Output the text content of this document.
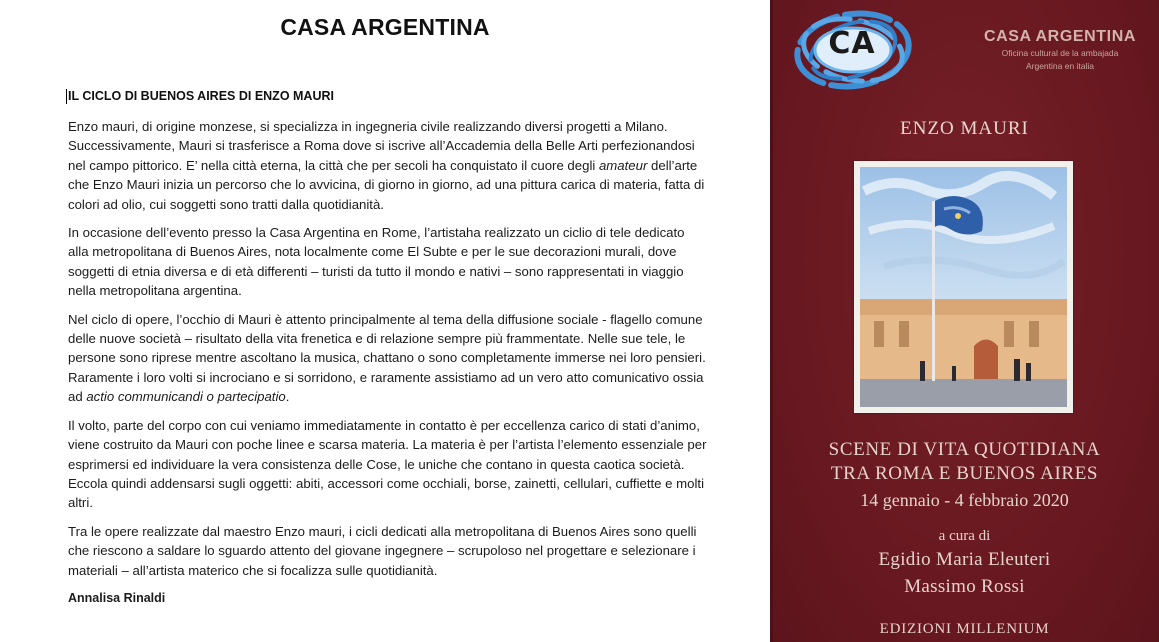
CASA ARGENTINA
IL CICLO DI BUENOS AIRES DI ENZO MAURI

Enzo mauri, di origine monzese, si specializza in ingegneria civile realizzando diversi progetti a Milano. Successivamente, Mauri si trasferisce a Roma dove si iscrive all’Accademia della Belle Arti perfezionandosi nel campo pittorico. E’ nella città eterna, la città che per secoli ha conquistato il cuore degli amateur dell’arte che Enzo Mauri inizia un percorso che lo avvicina, di giorno in giorno, ad una pittura carica di materia, fatta di colori ad olio, cui soggetti sono tratti dalla quotidianità.

In occasione dell’evento presso la Casa Argentina en Rome, l’artistaha realizzato un ciclio di tele dedicato alla metropolitana di Buenos Aires, nota localmente come El Subte e per le sue decorazioni murali, dove soggetti di etnia diversa e di età differenti – turisti da tutto il mondo e nativi – sono rappresentati in viaggio nella metropolitana argentina.

Nel ciclo di opere, l’occhio di Mauri è attento principalmente al tema della diffusione sociale - flagello comune delle nuove società – risultato della vita frenetica e di relazione sempre più frammentate. Nelle sue tele, le persone sono riprese mentre ascoltano la musica, chattano o sono completamente immerse nei loro pensieri. Raramente i loro volti si incrociano e si sorridono, e raramente assistiamo ad un vero atto comunicativo ossia ad actio communicandi o partecipatio.

Il volto, parte del corpo con cui veniamo immediatamente in contatto è per eccellenza carico di stati d’animo, viene costruito da Mauri con poche linee e scarsa materia. La materia è per l’artista l’elemento essenziale per esprimersi ed individuare la vera consistenza delle Cose, le uniche che contano in questa caotica società. Eccola quindi addensarsi sugli oggetti: abiti, accessori come occhiali, borse, zainetti, cellulari, cuffiette e molti altri.

Tra le opere realizzate dal maestro Enzo mauri, i cicli dedicati alla metropolitana di Buenos Aires sono quelli che riescono a saldare lo sguardo attento del giovane ingegnere – scrupoloso nel progettare e selezionare i materiali – all’artista materico che si focalizza sulle quotidianità.

Annalisa Rinaldi
CA	CASA ARGENTINA
Oficina cultural de la ambajada
Argentina en italia
ENZO MAURI
SCENE DI VITA QUOTIDIANA
TRA ROMA E BUENOS AIRES
14 gennaio - 4 febbraio 2020
a cura di
Egidio Maria Eleuteri
Massimo Rossi
EDIZIONI MILLENIUM
